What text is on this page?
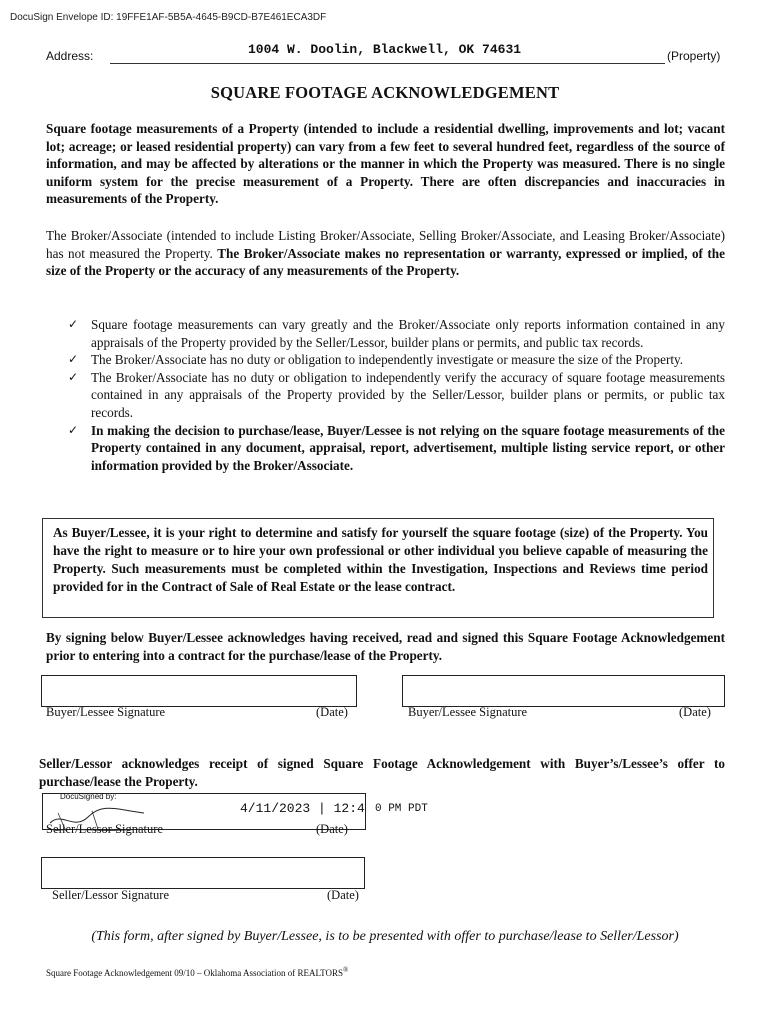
DocuSign Envelope ID: 19FFE1AF-5B5A-4645-B9CD-B7E461ECA3DF
Address:	1004 W. Doolin, Blackwell, OK 74631	(Property)
SQUARE FOOTAGE ACKNOWLEDGEMENT
Square footage measurements of a Property (intended to include a residential dwelling, improvements and lot; vacant lot; acreage; or leased residential property) can vary from a few feet to several hundred feet, regardless of the source of information, and may be affected by alterations or the manner in which the Property was measured. There is no single uniform system for the precise measurement of a Property. There are often discrepancies and inaccuracies in measurements of the Property.
The Broker/Associate (intended to include Listing Broker/Associate, Selling Broker/Associate, and Leasing Broker/Associate) has not measured the Property. The Broker/Associate makes no representation or warranty, expressed or implied, of the size of the Property or the accuracy of any measurements of the Property.
✓ Square footage measurements can vary greatly and the Broker/Associate only reports information contained in any appraisals of the Property provided by the Seller/Lessor, builder plans or permits, and public tax records.
✓ The Broker/Associate has no duty or obligation to independently investigate or measure the size of the Property.
✓ The Broker/Associate has no duty or obligation to independently verify the accuracy of square footage measurements contained in any appraisals of the Property provided by the Seller/Lessor, builder plans or permits, or public tax records.
✓ In making the decision to purchase/lease, Buyer/Lessee is not relying on the square footage measurements of the Property contained in any document, appraisal, report, advertisement, multiple listing service report, or other information provided by the Broker/Associate.
As Buyer/Lessee, it is your right to determine and satisfy for yourself the square footage (size) of the Property. You have the right to measure or to hire your own professional or other individual you believe capable of measuring the Property. Such measurements must be completed within the Investigation, Inspections and Reviews time period provided for in the Contract of Sale of Real Estate or the lease contract.
By signing below Buyer/Lessee acknowledges having received, read and signed this Square Footage Acknowledgement prior to entering into a contract for the purchase/lease of the Property.
Buyer/Lessee Signature	(Date)	Buyer/Lessee Signature	(Date)
Seller/Lessor acknowledges receipt of signed Square Footage Acknowledgement with Buyer’s/Lessee’s offer to purchase/lease the Property.
DocuSigned by:
4/11/2023 | 12:4 0 PM PDT
Seller/Lessor Signature	(Date)
Seller/Lessor Signature	(Date)
(This form, after signed by Buyer/Lessee, is to be presented with offer to purchase/lease to Seller/Lessor)
Square Footage Acknowledgement 09/10 – Oklahoma Association of REALTORS®
